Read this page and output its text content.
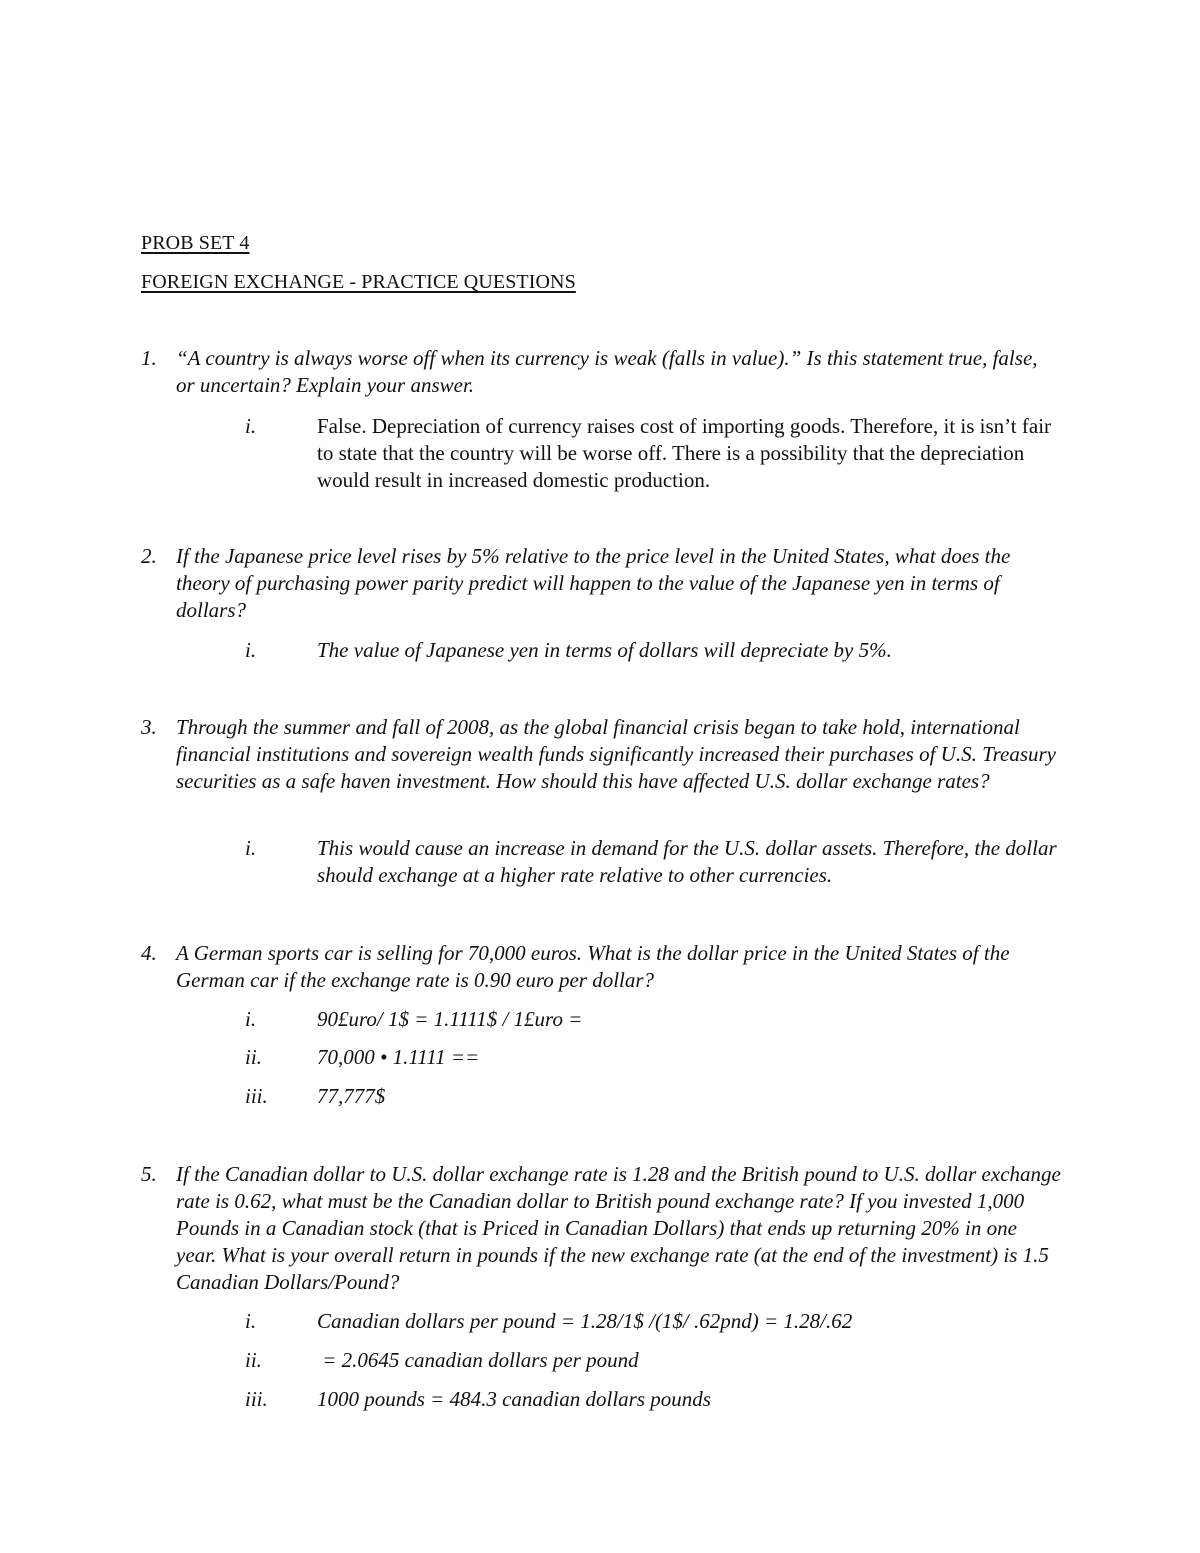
PROB SET 4
FOREIGN EXCHANGE - PRACTICE QUESTIONS
1. “A country is always worse off when its currency is weak (falls in value).” Is this statement true, false, or uncertain? Explain your answer.
i.	False. Depreciation of currency raises cost of importing goods. Therefore, it is isn’t fair to state that the country will be worse off. There is a possibility that the depreciation would result in increased domestic production.
2. If the Japanese price level rises by 5% relative to the price level in the United States, what does the theory of purchasing power parity predict will happen to the value of the Japanese yen in terms of dollars?
i.	The value of Japanese yen in terms of dollars will depreciate by 5%.
3. Through the summer and fall of 2008, as the global financial crisis began to take hold, international financial institutions and sovereign wealth funds significantly increased their purchases of U.S. Treasury securities as a safe haven investment. How should this have affected U.S. dollar exchange rates?
i.	This would cause an increase in demand for the U.S. dollar assets. Therefore, the dollar should exchange at a higher rate relative to other currencies.
4. A German sports car is selling for 70,000 euros. What is the dollar price in the United States of the German car if the exchange rate is 0.90 euro per dollar?
i.	90£uro/ 1$ = 1.1111$ / 1£uro =
ii.	70,000 • 1.1111 ==
iii. 77,777$
5. If the Canadian dollar to U.S. dollar exchange rate is 1.28 and the British pound to U.S. dollar exchange rate is 0.62, what must be the Canadian dollar to British pound exchange rate? If you invested 1,000 Pounds in a Canadian stock (that is Priced in Canadian Dollars) that ends up returning 20% in one year. What is your overall return in pounds if the new exchange rate (at the end of the investment) is 1.5 Canadian Dollars/Pound?
i.	Canadian dollars per pound = 1.28/1$ /(1$/ .62pnd) = 1.28/.62
ii.	= 2.0645 canadian dollars per pound
iii. 1000 pounds = 484.3 canadian dollars pounds
